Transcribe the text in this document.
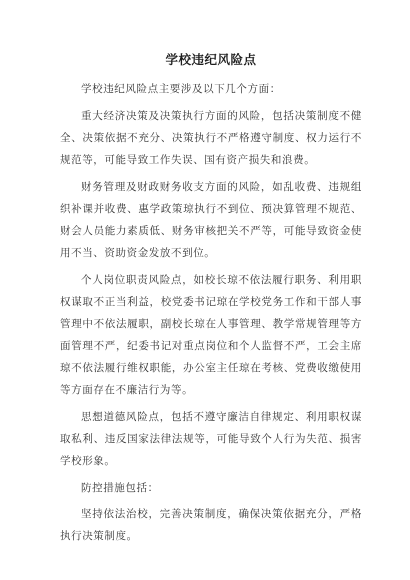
学校违纪风险点

学校违纪风险点主要涉及以下几个方面：

重大经济决策及决策执行方面的风险，包括决策制度不健全、决策依据不充分、决策执行不严格遵守制度、权力运行不规范等，可能导致工作失误、国有资产损失和浪费。

财务管理及财政财务收支方面的风险，如乱收费、违规组织补课并收费、惠学政策琼执行不到位、预决算管理不规范、财会人员能力素质低、财务审核把关不严等，可能导致资金使用不当、资助资金发放不到位。

个人岗位职责风险点，如校长琼不依法履行职务、利用职权谋取不正当利益，校党委书记琼在学校党务工作和干部人事管理中不依法履职，副校长琼在人事管理、教学常规管理等方面管理不严，纪委书记对重点岗位和个人监督不严，工会主席琼不依法履行维权职能，办公室主任琼在考核、党费收缴使用等方面存在不廉洁行为等。

思想道德风险点，包括不遵守廉洁自律规定、利用职权谋取私利、违反国家法律法规等，可能导致个人行为失范、损害学校形象。

防控措施包括：

坚持依法治校，完善决策制度，确保决策依据充分，严格执行决策制度。
